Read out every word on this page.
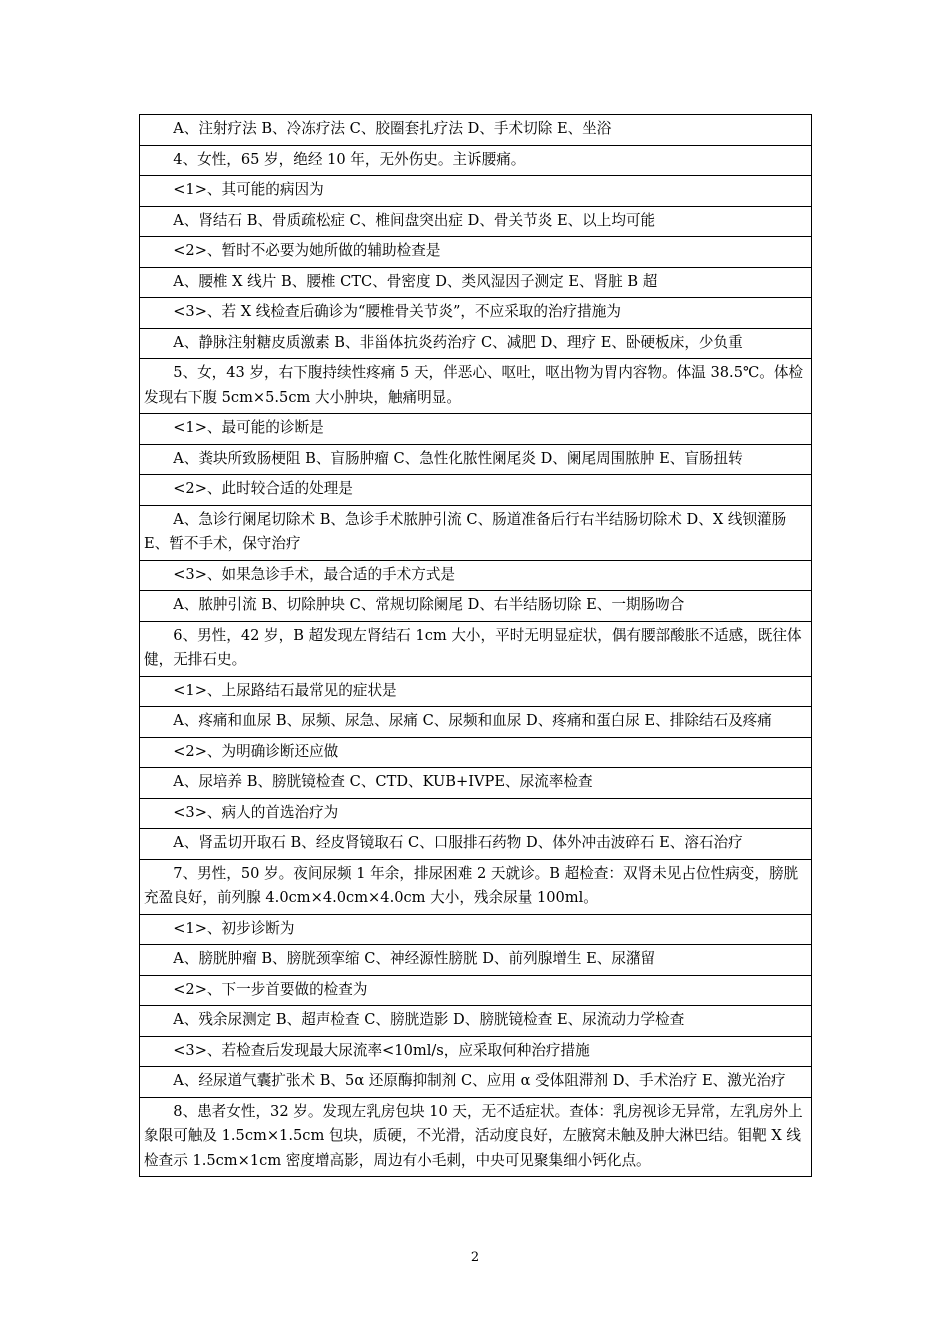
A、注射疗法 B、冷冻疗法 C、胶圈套扎疗法 D、手术切除 E、坐浴
4、女性，65 岁，绝经 10 年，无外伤史。主诉腰痛。
<1>、其可能的病因为
A、肾结石 B、骨质疏松症 C、椎间盘突出症 D、骨关节炎 E、以上均可能
<2>、暂时不必要为她所做的辅助检查是
A、腰椎 X 线片 B、腰椎 CTC、骨密度 D、类风湿因子测定 E、肾脏 B 超
<3>、若 X 线检查后确诊为“腰椎骨关节炎”，不应采取的治疗措施为
A、静脉注射糖皮质激素 B、非甾体抗炎药治疗 C、减肥 D、理疗 E、卧硬板床，少负重
5、女，43 岁，右下腹持续性疼痛 5 天，伴恶心、呕吐，呕出物为胃内容物。体温 38.5℃。体检发现右下腹 5cm×5.5cm 大小肿块，触痛明显。
<1>、最可能的诊断是
A、粪块所致肠梗阻 B、盲肠肿瘤 C、急性化脓性阑尾炎 D、阑尾周围脓肿 E、盲肠扭转
<2>、此时较合适的处理是
A、急诊行阑尾切除术 B、急诊手术脓肿引流 C、肠道准备后行右半结肠切除术 D、X 线钡灌肠 E、暂不手术，保守治疗
<3>、如果急诊手术，最合适的手术方式是
A、脓肿引流 B、切除肿块 C、常规切除阑尾 D、右半结肠切除 E、一期肠吻合
6、男性，42 岁，B 超发现左肾结石 1cm 大小，平时无明显症状，偶有腰部酸胀不适感，既往体健，无排石史。
<1>、上尿路结石最常见的症状是
A、疼痛和血尿 B、尿频、尿急、尿痛 C、尿频和血尿 D、疼痛和蛋白尿 E、排除结石及疼痛
<2>、为明确诊断还应做
A、尿培养 B、膀胱镜检查 C、CTD、KUB+IVPE、尿流率检查
<3>、病人的首选治疗为
A、肾盂切开取石 B、经皮肾镜取石 C、口服排石药物 D、体外冲击波碎石 E、溶石治疗
7、男性，50 岁。夜间尿频 1 年余，排尿困难 2 天就诊。B 超检查：双肾未见占位性病变，膀胱充盈良好，前列腺 4.0cm×4.0cm×4.0cm 大小，残余尿量 100ml。
<1>、初步诊断为
A、膀胱肿瘤 B、膀胱颈挛缩 C、神经源性膀胱 D、前列腺增生 E、尿潴留
<2>、下一步首要做的检查为
A、残余尿测定 B、超声检查 C、膀胱造影 D、膀胱镜检查 E、尿流动力学检查
<3>、若检查后发现最大尿流率<10ml/s，应采取何种治疗措施
A、经尿道气囊扩张术 B、5α 还原酶抑制剂 C、应用 α 受体阻滞剂 D、手术治疗 E、激光治疗
8、患者女性，32 岁。发现左乳房包块 10 天，无不适症状。查体：乳房视诊无异常，左乳房外上象限可触及 1.5cm×1.5cm 包块，质硬，不光滑，活动度良好，左腋窝未触及肿大淋巴结。钼靶 X 线检查示 1.5cm×1cm 密度增高影，周边有小毛刺，中央可见聚集细小钙化点。
2
